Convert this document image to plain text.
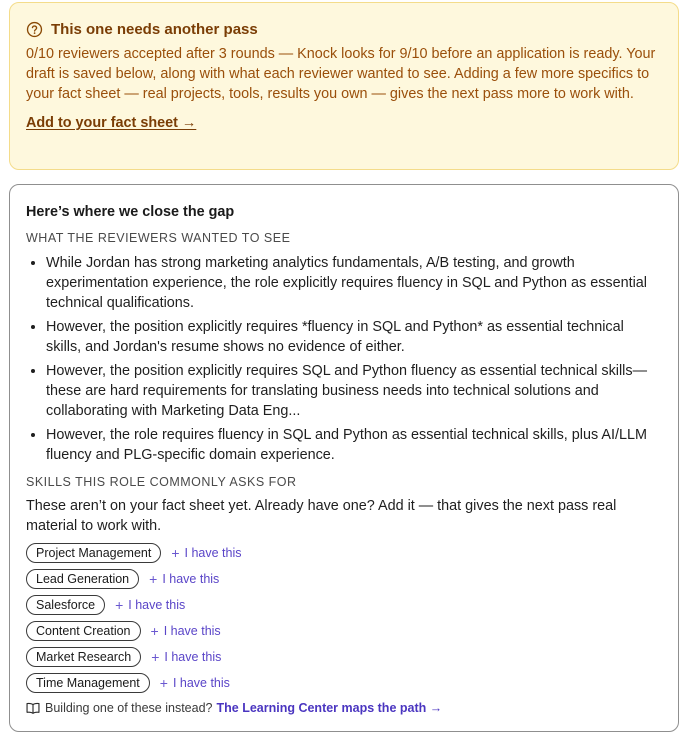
This one needs another pass

0/10 reviewers accepted after 3 rounds — Knock looks for 9/10 before an application is ready. Your draft is saved below, along with what each reviewer wanted to see. Adding a few more specifics to your fact sheet — real projects, tools, results you own — gives the next pass more to work with.

Add to your fact sheet →
Here’s where we close the gap
WHAT THE REVIEWERS WANTED TO SEE
• While Jordan has strong marketing analytics fundamentals, A/B testing, and growth experimentation experience, the role explicitly requires fluency in SQL and Python as essential technical qualifications.
• However, the position explicitly requires *fluency in SQL and Python* as essential technical skills, and Jordan's resume shows no evidence of either.
• However, the position explicitly requires SQL and Python fluency as essential technical skills—these are hard requirements for translating business needs into technical solutions and collaborating with Marketing Data Eng...
• However, the role requires fluency in SQL and Python as essential technical skills, plus AI/LLM fluency and PLG-specific domain experience.
SKILLS THIS ROLE COMMONLY ASKS FOR

These aren’t on your fact sheet yet. Already have one? Add it — that gives the next pass real material to work with.

Project Management	+ I have this
Lead Generation	+ I have this
Salesforce	+ I have this
Content Creation	+ I have this
Market Research	+ I have this
Time Management	+ I have this
Building one of these instead? The Learning Center maps the path →
